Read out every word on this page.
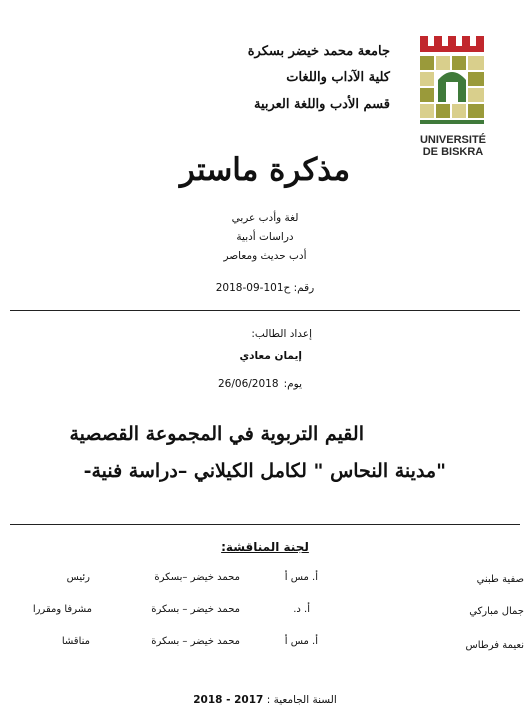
UNIVERSITÉ
DE BISKRA
جامعة محمد خيضر بسكرة
كلية الآداب واللغات
قسم الأدب واللغة العربية
مذكرة ماستر
لغة وأدب عربي
دراسات أدبية
أدب حديث ومعاصر
رقم: ح101-09-2018
إعداد الطالب:
إيمان معادي
يوم: 26/06/2018
القيم التربوية في المجموعة القصصية
"مدينة النحاس " لكامل الكيلاني –دراسة فنية-
لجنة المناقشة:
صفية طبني
أ. مس أ
محمد خيضر –بسكرة
رئيس
جمال مباركي
أ. د.
محمد خيضر – بسكرة
مشرفا ومقررا
نعيمة فرطاس
أ. مس أ
محمد خيضر – بسكرة
مناقشا
السنة الجامعية : 2017 - 2018
